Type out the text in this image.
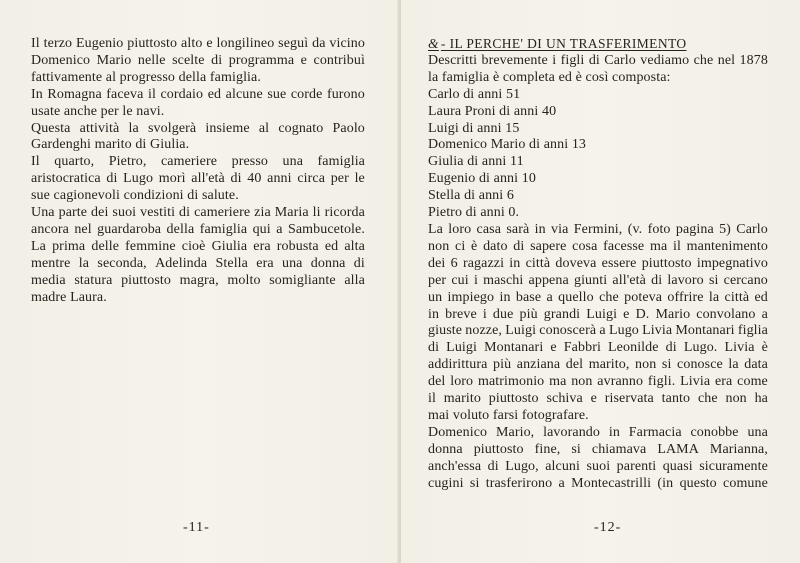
Il terzo Eugenio piuttosto alto e longilineo seguì da vicino
Domenico Mario nelle scelte di programma e contribuì
fattivamente al progresso della famiglia.
In Romagna faceva il cordaio ed alcune sue corde furono
usate anche per le navi.
Questa attività la svolgerà insieme al cognato Paolo
Gardenghi marito di Giulia.
Il quarto, Pietro, cameriere presso una famiglia
aristocratica di Lugo morì all'età di 40 anni circa per le
sue cagionevoli condizioni di salute.
Una parte dei suoi vestiti di cameriere zia Maria li ricorda
ancora nel guardaroba della famiglia qui a Sambucetole.
La prima delle femmine cioè Giulia era robusta ed alta
mentre la seconda, Adelinda Stella era una donna di
media statura piuttosto magra, molto somigliante alla
madre Laura.
-11-
& - IL PERCHE' DI UN TRASFERIMENTO
Descritti brevemente i figli di Carlo vediamo che nel 1878
la famiglia è completa ed è così composta:
Carlo di anni 51
Laura Proni di anni 40
Luigi di anni 15
Domenico Mario di anni 13
Giulia di anni 11
Eugenio di anni 10
Stella di anni 6
Pietro di anni 0.
La loro casa sarà in via Fermini, (v. foto pagina 5) Carlo
non ci è dato di sapere cosa facesse ma il mantenimento
dei 6 ragazzi in città doveva essere piuttosto impegnativo
per cui i maschi appena giunti all'età di lavoro si cercano
un impiego in base a quello che poteva offrire la città ed
in breve i due più grandi Luigi e D. Mario convolano a
giuste nozze, Luigi conoscerà a Lugo Livia Montanari figlia
di Luigi Montanari e Fabbri Leonilde di Lugo. Livia è
addirittura più anziana del marito, non si conosce la data
del loro matrimonio ma non avranno figli. Livia era come
il marito piuttosto schiva e riservata tanto che non ha
mai voluto farsi fotografare.
Domenico Mario, lavorando in Farmacia conobbe una
donna piuttosto fine, si chiamava LAMA Marianna,
anch'essa di Lugo, alcuni suoi parenti quasi sicuramente
cugini si trasferirono a Montecastrilli (in questo comune
-12-
